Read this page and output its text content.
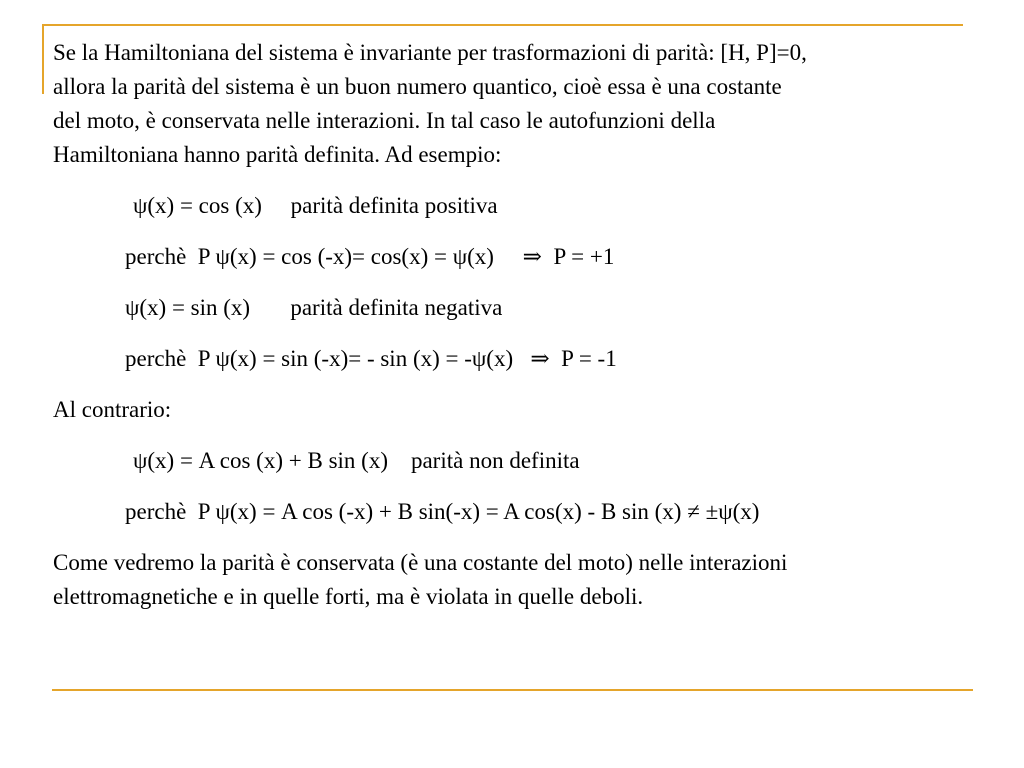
Se la Hamiltoniana del sistema è invariante per trasformazioni di parità: [H, P]=0,

allora la parità del sistema è un buon numero quantico, cioè essa è una costante

del moto, è conservata nelle interazioni. In tal caso le autofunzioni della

Hamiltoniana hanno parità definita. Ad esempio:

ψ(x) = cos (x)     parità definita positiva

perchè  P ψ(x) = cos (-x)= cos(x) = ψ(x)     ⇒  P = +1

ψ(x) = sin (x)       parità definita negativa

perchè  P ψ(x) = sin (-x)= - sin (x) = -ψ(x)   ⇒  P = -1

Al contrario:

ψ(x) = A cos (x) + B sin (x)    parità non definita

perchè  P ψ(x) = A cos (-x) + B sin(-x) = A cos(x) - B sin (x) ≠ ±ψ(x)

Come vedremo la parità è conservata (è una costante del moto) nelle interazioni

elettromagnetiche e in quelle forti, ma è violata in quelle deboli.
